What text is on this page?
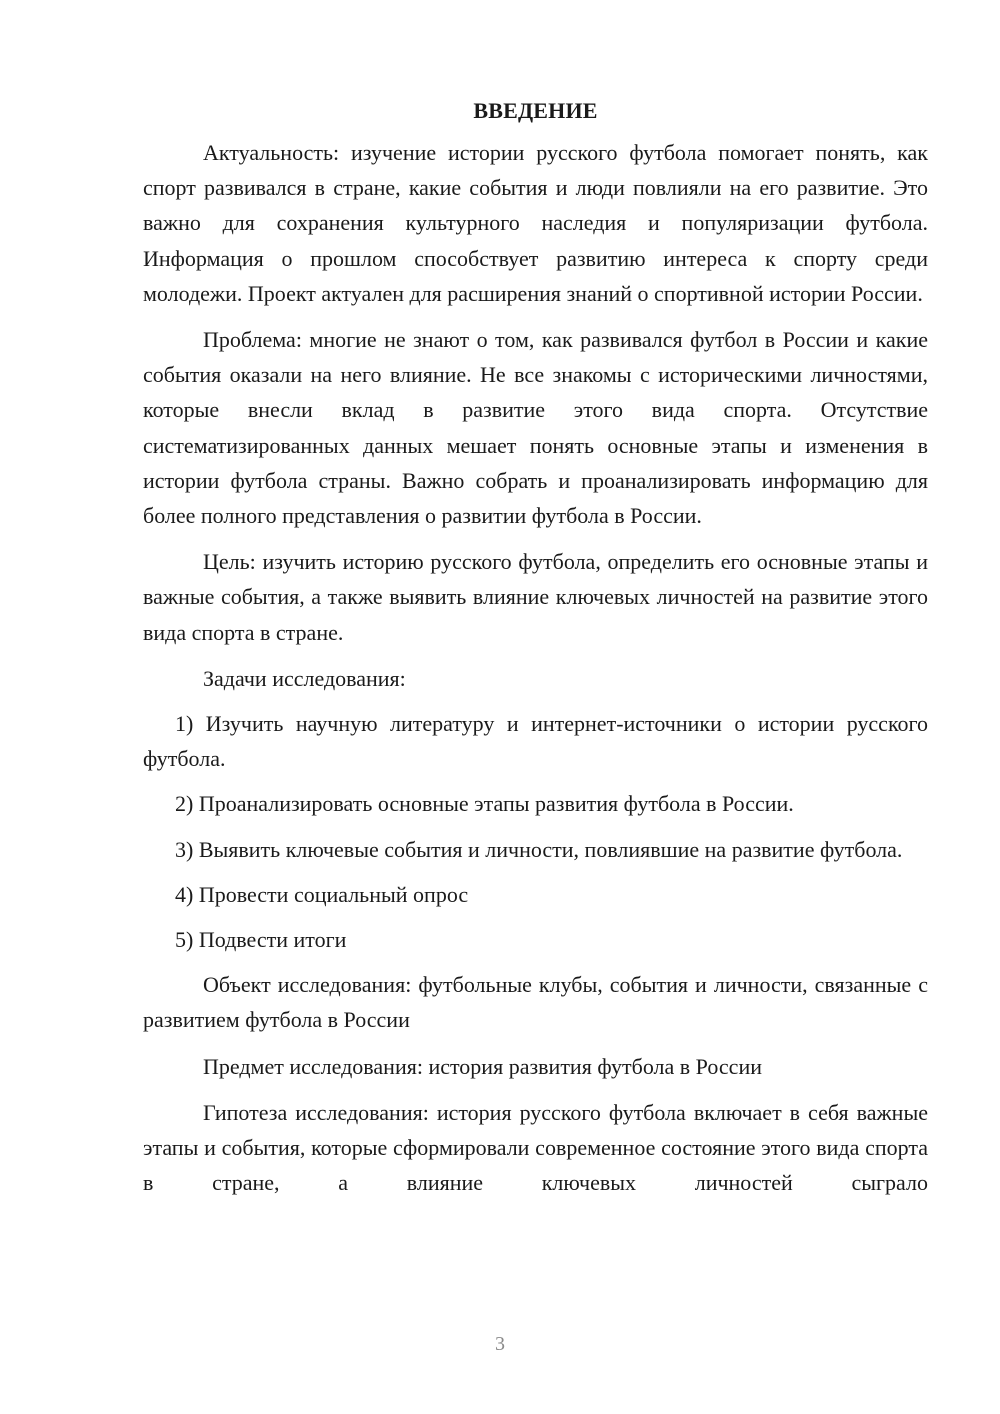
ВВЕДЕНИЕ

Актуальность: изучение истории русского футбола помогает понять, как спорт развивался в стране, какие события и люди повлияли на его развитие. Это важно для сохранения культурного наследия и популяризации футбола. Информация о прошлом способствует развитию интереса к спорту среди молодежи. Проект актуален для расширения знаний о спортивной истории России.

Проблема: многие не знают о том, как развивался футбол в России и какие события оказали на него влияние. Не все знакомы с историческими личностями, которые внесли вклад в развитие этого вида спорта. Отсутствие систематизированных данных мешает понять основные этапы и изменения в истории футбола страны. Важно собрать и проанализировать информацию для более полного представления о развитии футбола в России.

Цель: изучить историю русского футбола, определить его основные этапы и важные события, а также выявить влияние ключевых личностей на развитие этого вида спорта в стране.

Задачи исследования:

1) Изучить научную литературу и интернет-источники о истории русского футбола.

2) Проанализировать основные этапы развития футбола в России.

3) Выявить ключевые события и личности, повлиявшие на развитие футбола.

4) Провести социальный опрос

5) Подвести итоги

Объект исследования: футбольные клубы, события и личности, связанные с развитием футбола в России

Предмет исследования: история развития футбола в России

Гипотеза исследования: история русского футбола включает в себя важные этапы и события, которые сформировали современное состояние этого вида спорта в стране, а влияние ключевых личностей сыграло

3
